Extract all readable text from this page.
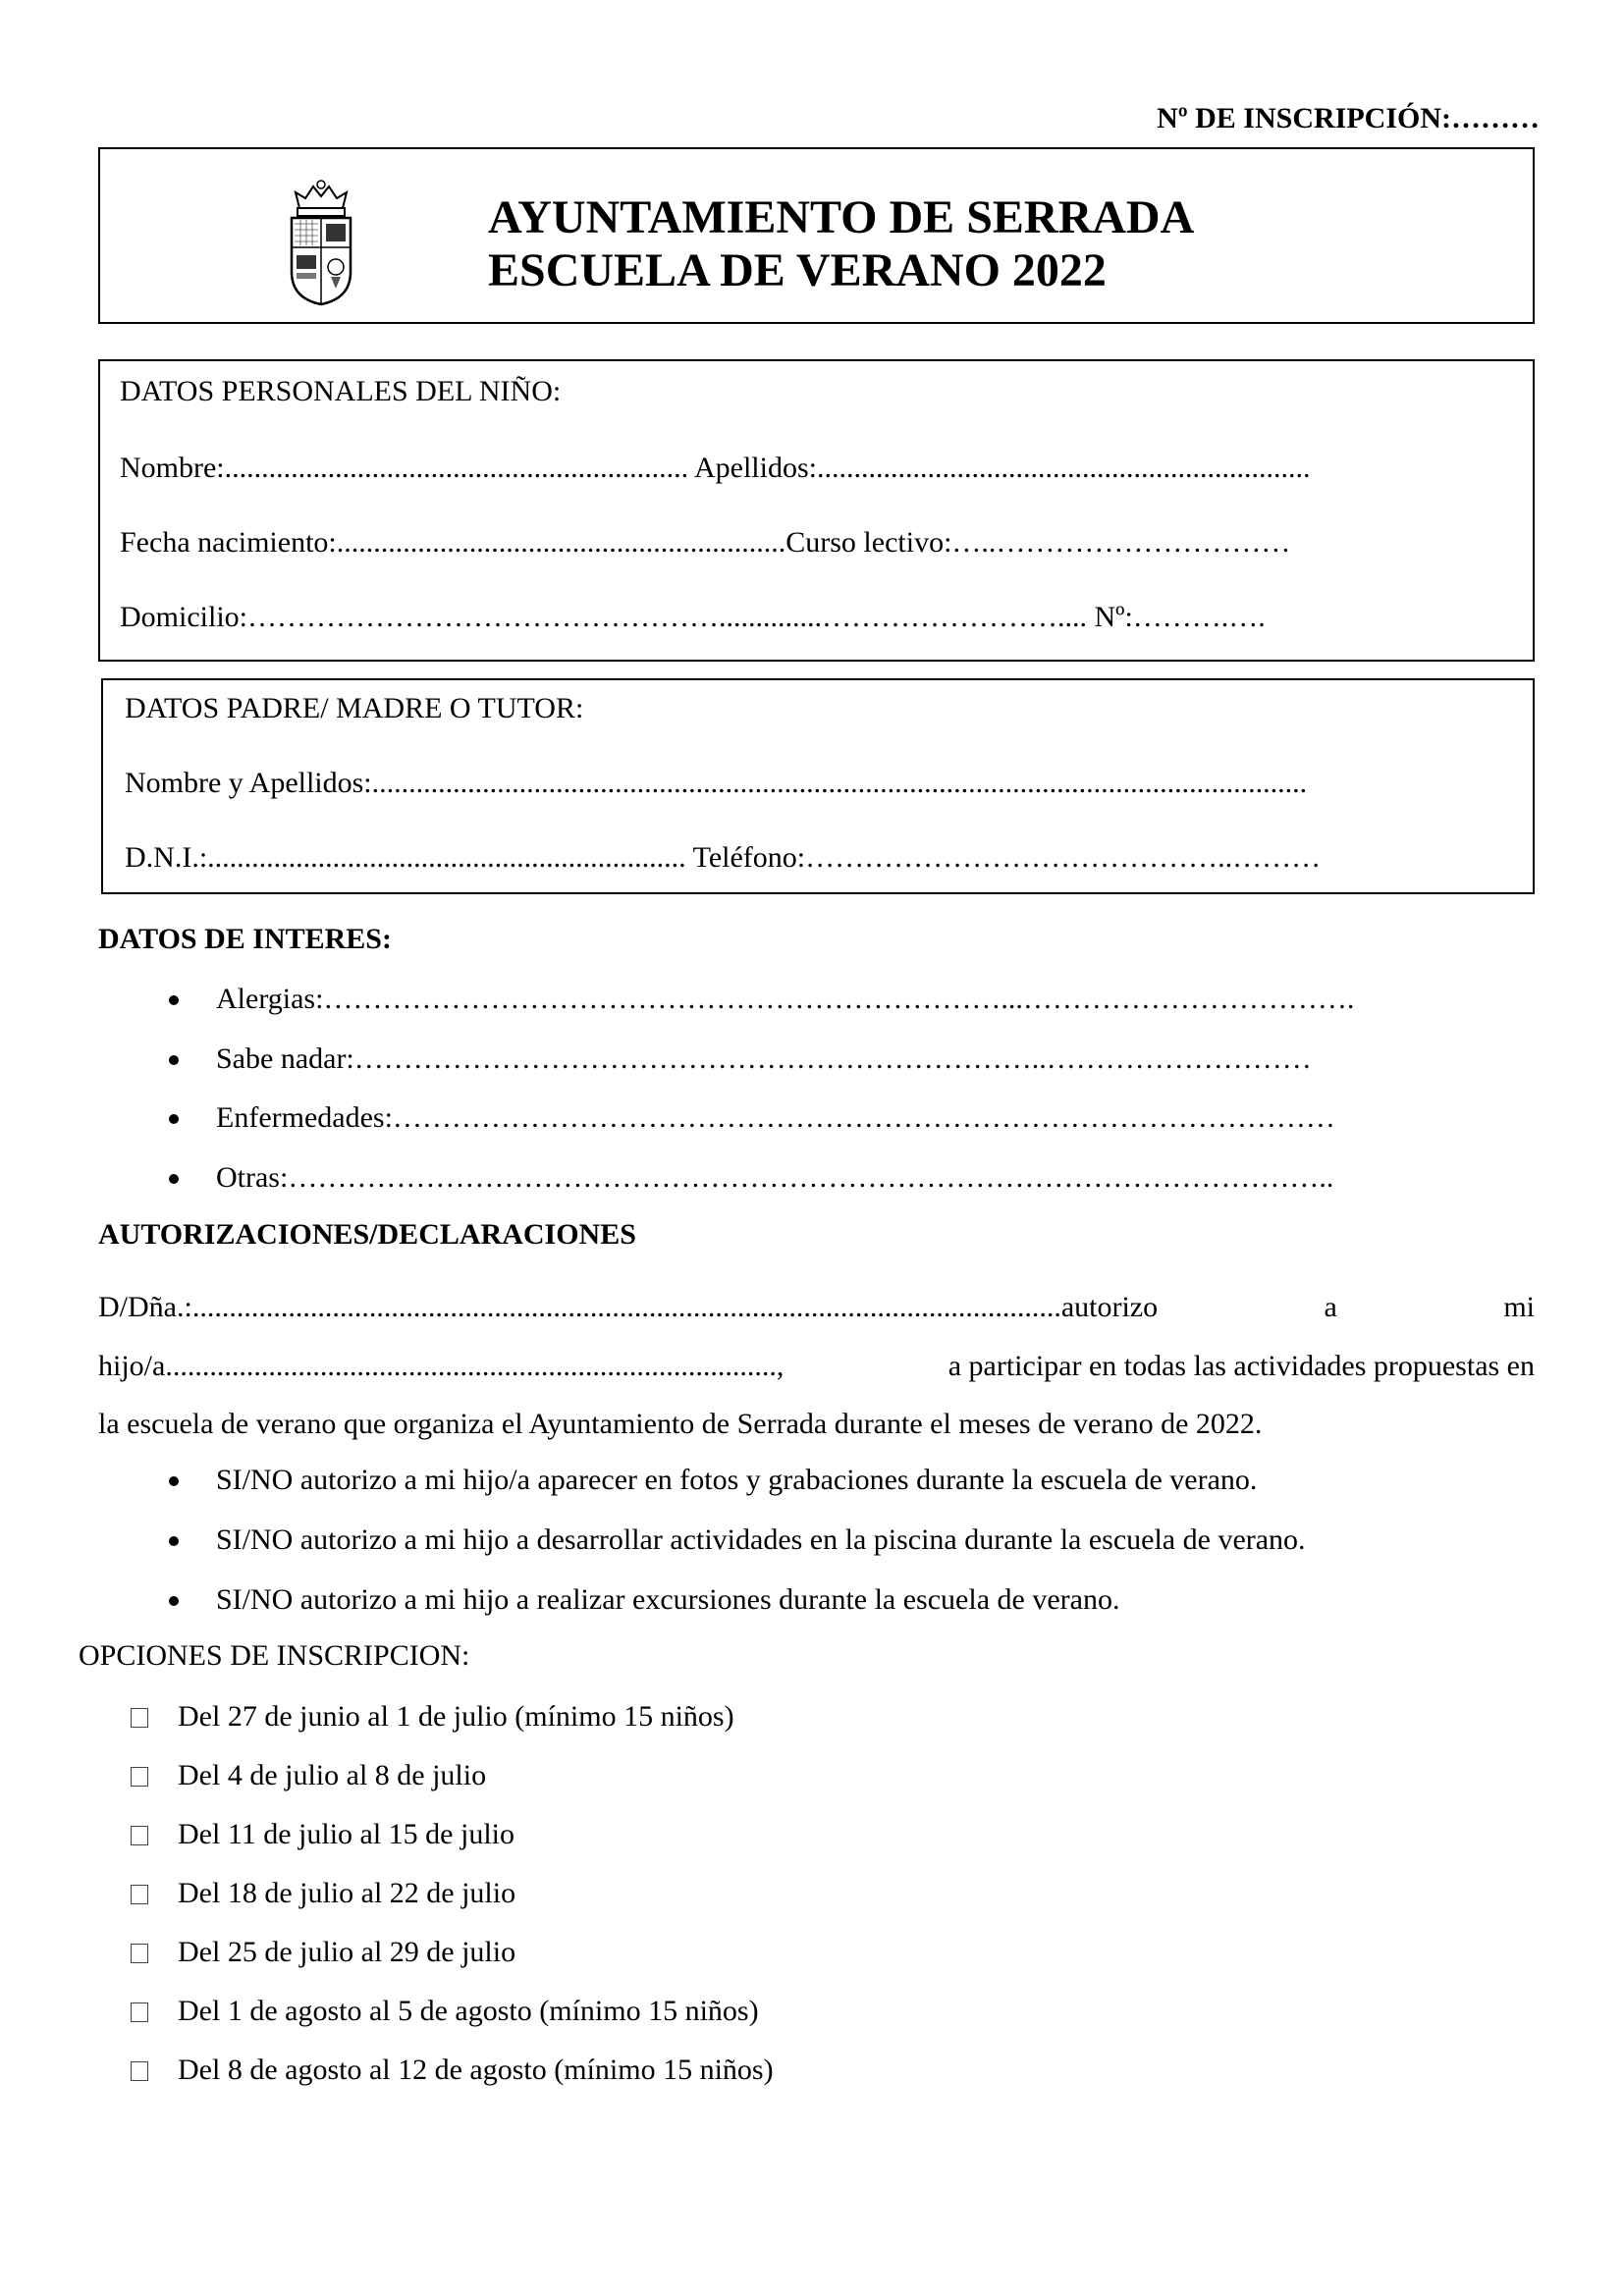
Nº DE INSCRIPCIÓN:………
AYUNTAMIENTO DE SERRADA
ESCUELA DE VERANO 2022
DATOS PERSONALES DEL NIÑO:
Nombre:............................................................... Apellidos:...................................................................
Fecha nacimiento:.............................................................Curso lectivo:…..…………………………
Domicilio:…………………………………………..............…………………….... Nº:……….….
DATOS PADRE/ MADRE O TUTOR:
Nombre y Apellidos:...............................................................................................................................
D.N.I.:................................................................. Teléfono:……………………………………..………
DATOS DE INTERES:
Alergias:……………………………………………………………...…………………………….
Sabe nadar:……………………………………………………………..………………………
Enfermedades:……………………………………………………………………………………
Otras:……………………………………………………………………………………………..
AUTORIZACIONES/DECLARACIONES
D/Dña.:......................................................................................................................autorizo	a	mi
hijo/a...................................................................................,	a participar en todas las actividades propuestas en
la escuela de verano que organiza el Ayuntamiento de Serrada durante el meses de verano de 2022.
SI/NO autorizo a mi hijo/a aparecer en fotos y grabaciones durante la escuela de verano.
SI/NO autorizo a mi hijo a desarrollar actividades en la piscina durante la escuela de verano.
SI/NO autorizo a mi hijo a realizar excursiones durante la escuela de verano.
OPCIONES DE INSCRIPCION:
Del 27 de junio al 1 de julio (mínimo 15 niños)
Del 4 de julio al 8 de julio
Del 11 de julio al 15 de julio
Del 18 de julio al 22 de julio
Del 25 de julio al 29 de julio
Del 1 de agosto al 5 de agosto (mínimo 15 niños)
Del 8 de agosto al 12 de agosto (mínimo 15 niños)
